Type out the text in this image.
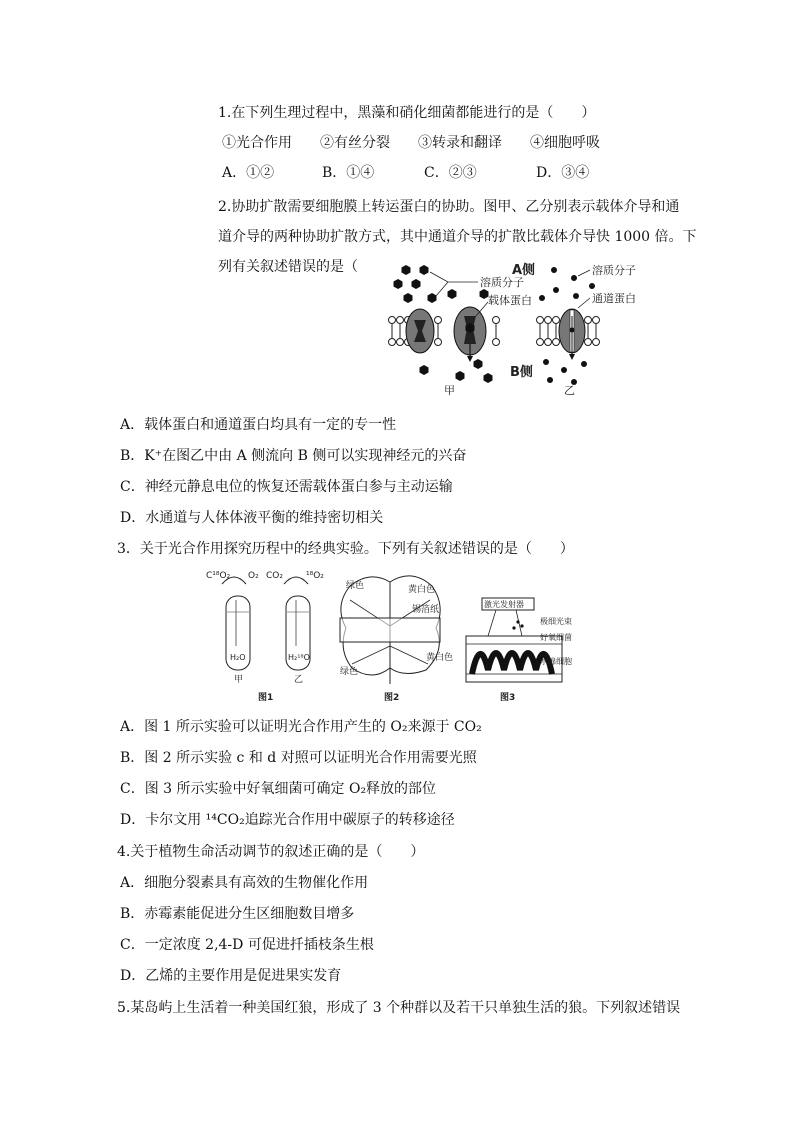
1.在下列生理过程中，黑藻和硝化细菌都能进行的是（　　）
①光合作用　　②有丝分裂　　③转录和翻译　　④细胞呼吸
A．①②	B．①④	C．②③	D．③④
2.协助扩散需要细胞膜上转运蛋白的协助。图甲、乙分别表示载体介导和通
道介导的两种协助扩散方式，其中通道介导的扩散比载体介导快 1000 倍。下
列有关叙述错误的是（
溶质分子
载体蛋白
A侧
B侧
甲
溶质分子
通道蛋白
乙
A．载体蛋白和通道蛋白均具有一定的专一性
B．K⁺在图乙中由 A 侧流向 B 侧可以实现神经元的兴奋
C．神经元静息电位的恢复还需载体蛋白参与主动运输
D．水通道与人体体液平衡的维持密切相关
3．关于光合作用探究历程中的经典实验。下列有关叙述错误的是（　　）
C¹⁸O₂ O₂ CO₂	¹⁸O₂
H₂O	H₂¹⁸O
甲	乙
图1
绿色	黄白色
锡箔纸
黄白色
绿色
图2
激光发射器
极细光束
好氧细菌
水绵细胞
图3
A．图 1 所示实验可以证明光合作用产生的 O₂来源于 CO₂
B．图 2 所示实验 c 和 d 对照可以证明光合作用需要光照
C．图 3 所示实验中好氧细菌可确定 O₂释放的部位
D．卡尔文用 ¹⁴CO₂追踪光合作用中碳原子的转移途径
4.关于植物生命活动调节的叙述正确的是（　　）
A．细胞分裂素具有高效的生物催化作用
B．赤霉素能促进分生区细胞数目增多
C．一定浓度 2,4-D 可促进扦插枝条生根
D．乙烯的主要作用是促进果实发育
5.某岛屿上生活着一种美国红狼，形成了 3 个种群以及若干只单独生活的狼。下列叙述错误
